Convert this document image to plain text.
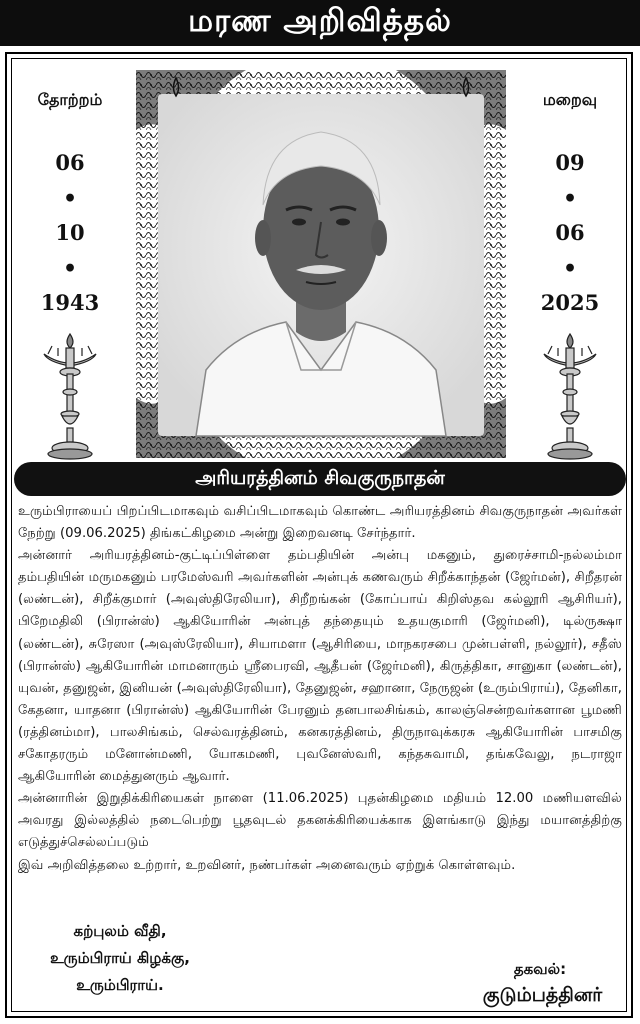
மரண அறிவித்தல்
தோற்றம்
06
•
10
•
1943
மறைவு
09
•
06
•
2025
அரியரத்தினம் சிவகுருநாதன்

உரும்பிராயைப் பிறப்பிடமாகவும் வசிப்பிடமாகவும் கொண்ட அரியரத்தினம் சிவகுருநாதன் அவர்கள் நேற்று (09.06.2025) திங்கட்கிழமை அன்று இறைவனடி சேர்ந்தார்.

அன்னார் அரியரத்தினம்-குட்டிப்பிள்ளை தம்பதியின் அன்பு மகனும், துரைச்சாமி-நல்லம்மா தம்பதியின் மருமகனும் பரமேஸ்வரி அவர்களின் அன்புக் கணவரும் சிறீக்காந்தன் (ஜேர்மன்), சிறீதரன் (லண்டன்), சிறீக்குமார் (அவுஸ்திரேலியா), சிறீறங்கன் (கோப்பாய் கிறிஸ்தவ கல்லூரி ஆசிரியர்), பிறேமதிலி (பிரான்ஸ்) ஆகியோரின் அன்புத் தந்தையும் உதயகுமாரி (ஜேர்மனி), டில்ருக்ஷா (லண்டன்), சுரேஸா (அவுஸ்ரேலியா), சியாமளா (ஆசிரியை, மாநகரசபை முன்பள்ளி, நல்லூர்), சதீஸ் (பிரான்ஸ்) ஆகியோரின் மாமனாரும் ஸ்ரீபைரவி, ஆதீபன் (ஜேர்மனி), கிருத்திகா, சானுகா (லண்டன்), யுவன், தனுஜன், இனியன் (அவுஸ்திரேலியா), தேனுஜன், சஹானா, நேருஜன் (உரும்பிராய்), தேனிகா, கேதனா, யாதனா (பிரான்ஸ்) ஆகியோரின் பேரனும் தனபாலசிங்கம், காலஞ்சென்றவர்களான பூமணி (ரத்தினம்மா), பாலசிங்கம், செல்வரத்தினம், கனகரத்தினம், திருநாவுக்கரசு ஆகியோரின் பாசமிகு சகோதரரும் மனோன்மணி, யோகமணி, புவனேஸ்வரி, கந்தசுவாமி, தங்கவேலு, நடராஜா ஆகியோரின் மைத்துனரும் ஆவார்.

அன்னாரின் இறுதிக்கிரியைகள் நாளை (11.06.2025) புதன்கிழமை மதியம் 12.00 மணியளவில் அவரது இல்லத்தில் நடைபெற்று பூதவுடல் தகனக்கிரியைக்காக இளங்காடு இந்து மயானத்திற்கு எடுத்துச்செல்லப்படும்

இவ் அறிவித்தலை உற்றார், உறவினர், நண்பர்கள் அனைவரும் ஏற்றுக் கொள்ளவும்.

கற்புலம் வீதி,
உரும்பிராய் கிழக்கு,
உரும்பிராய்.
தகவல்:
குடும்பத்தினர்
